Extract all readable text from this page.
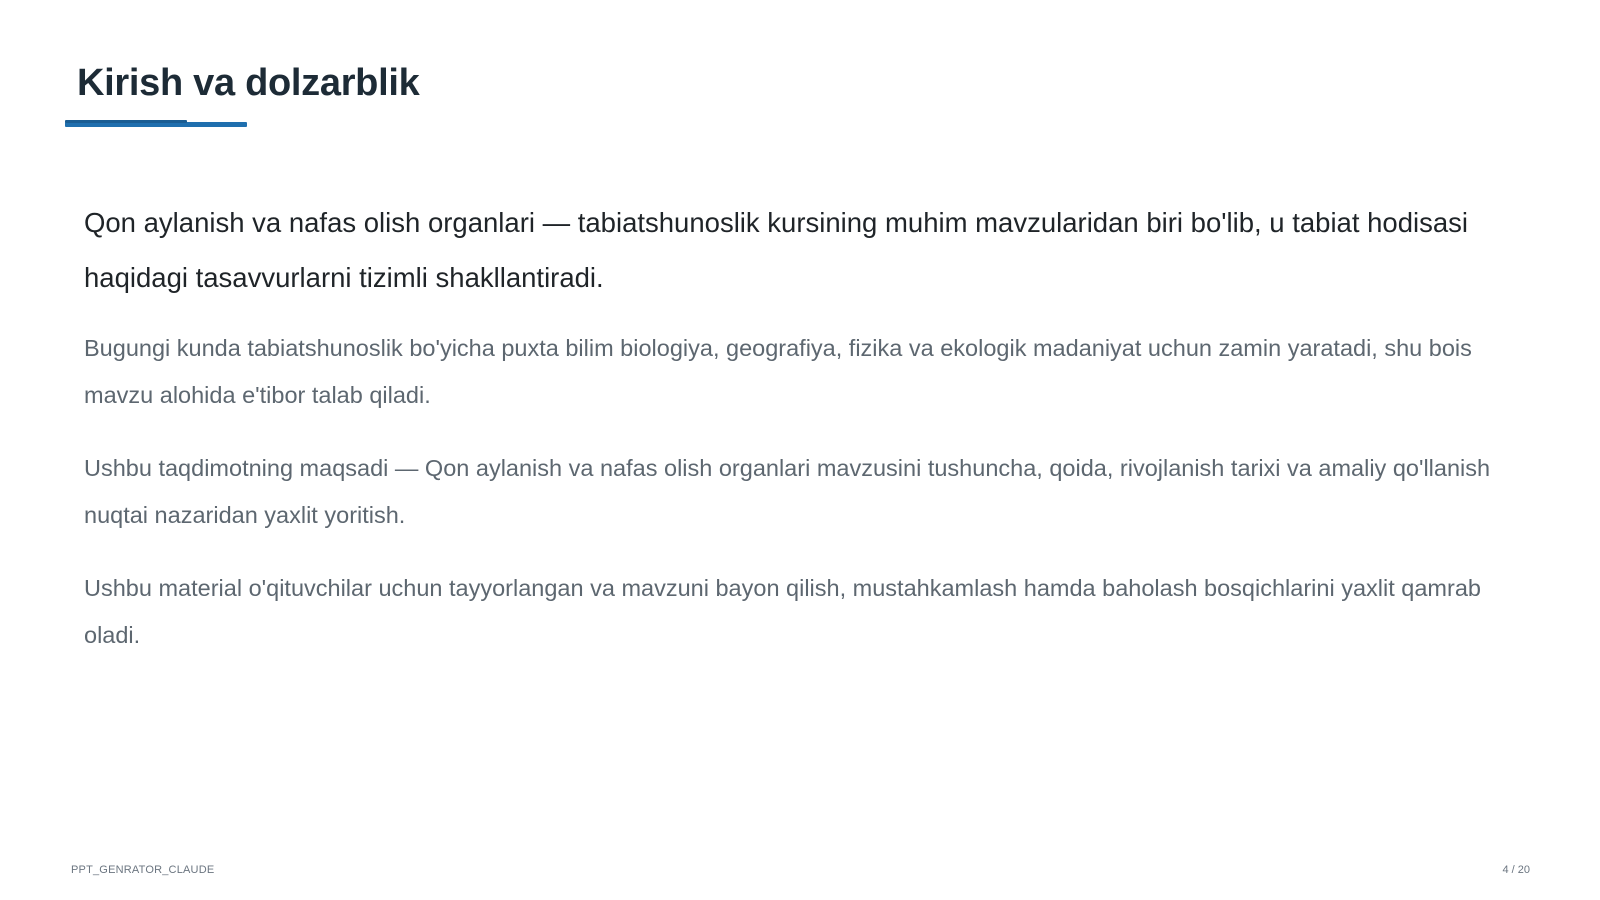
Kirish va dolzarblik

Qon aylanish va nafas olish organlari — tabiatshunoslik kursining muhim mavzularidan biri bo'lib, u tabiat hodisasi haqidagi tasavvurlarni tizimli shakllantiradi.

Bugungi kunda tabiatshunoslik bo'yicha puxta bilim biologiya, geografiya, fizika va ekologik madaniyat uchun zamin yaratadi, shu bois mavzu alohida e'tibor talab qiladi.

Ushbu taqdimotning maqsadi — Qon aylanish va nafas olish organlari mavzusini tushuncha, qoida, rivojlanish tarixi va amaliy qo'llanish nuqtai nazaridan yaxlit yoritish.

Ushbu material o'qituvchilar uchun tayyorlangan va mavzuni bayon qilish, mustahkamlash hamda baholash bosqichlarini yaxlit qamrab oladi.

PPT_GENRATOR_CLAUDE	4 / 20
